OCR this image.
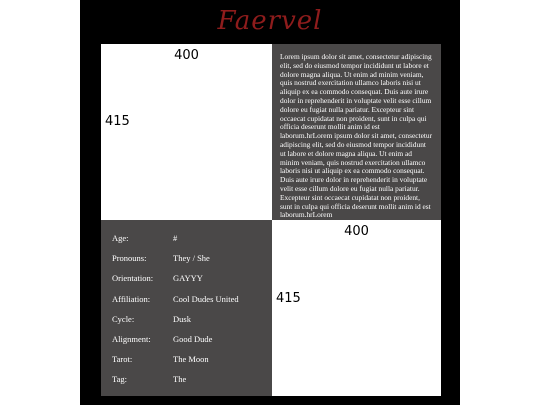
Faervel
400
415

Lorem ipsum dolor sit amet, consectetur adipiscing elit, sed do eiusmod tempor incididunt ut labore et dolore magna aliqua. Ut enim ad minim veniam, quis nostrud exercitation ullamco laboris nisi ut aliquip ex ea commodo consequat. Duis aute irure dolor in reprehenderit in voluptate velit esse cillum dolore eu fugiat nulla pariatur. Excepteur sint occaecat cupidatat non proident, sunt in culpa qui officia deserunt mollit anim id est laborum.hrLorem ipsum dolor sit amet, consectetur adipiscing elit, sed do eiusmod tempor incididunt ut labore et dolore magna aliqua. Ut enim ad minim veniam, quis nostrud exercitation ullamco laboris nisi ut aliquip ex ea commodo consequat. Duis aute irure dolor in reprehenderit in voluptate velit esse cillum dolore eu fugiat nulla pariatur. Excepteur sint occaecat cupidatat non proident, sunt in culpa qui officia deserunt mollit anim id est laborum.hrLorem

Age:	#
Pronouns:	They / She
Orientation: GAYYY
Affiliation:	Cool Dudes United
Cycle:	Dusk
Alignment:	Good Dude
Tarot:	The Moon
Tag:	The
400
415
